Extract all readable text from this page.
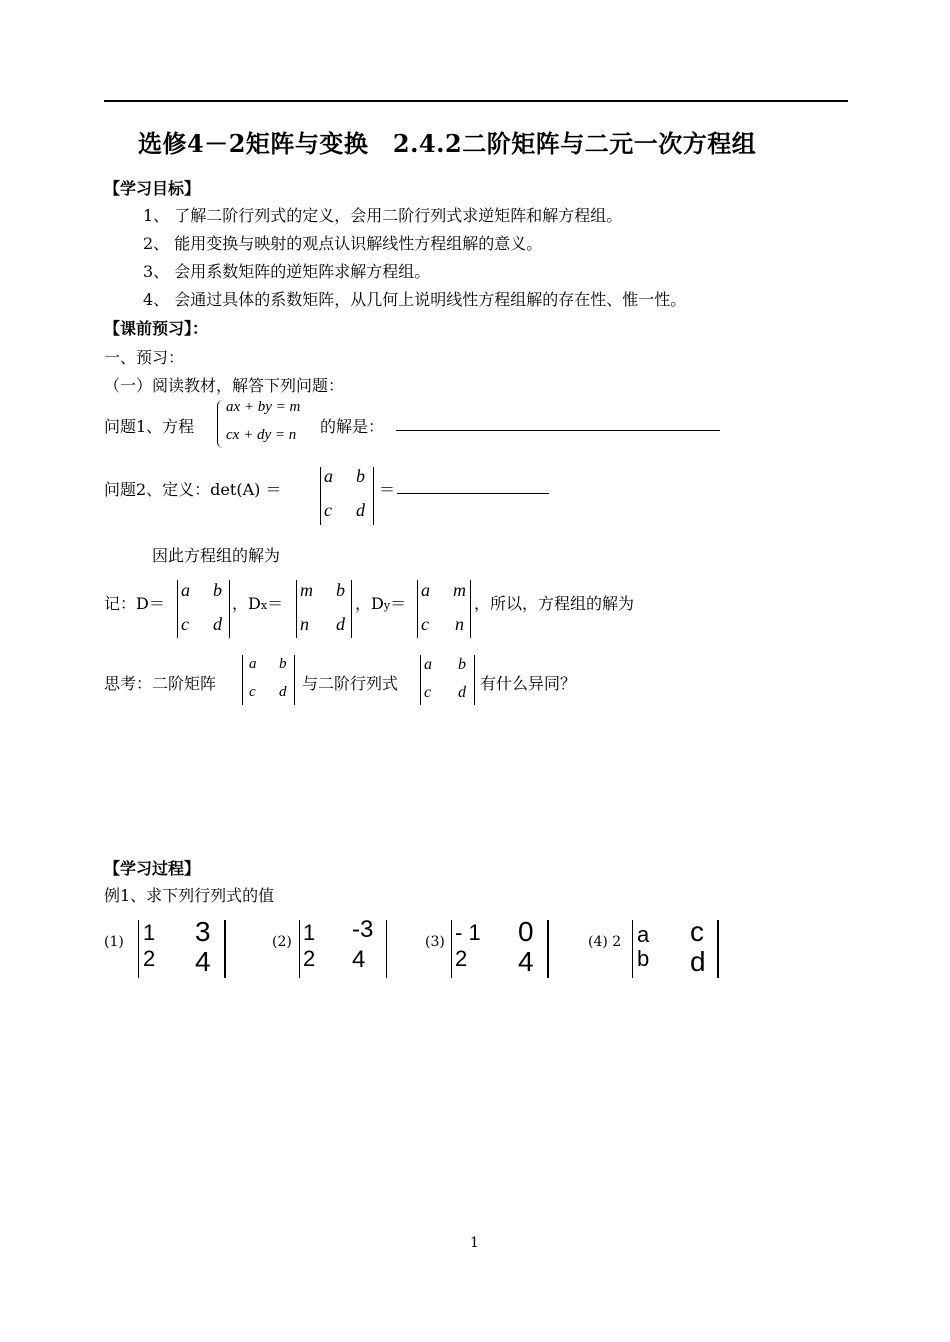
选修4－2矩阵与变换　2.4.2二阶矩阵与二元一次方程组
【学习目标】
1、 了解二阶行列式的定义，会用二阶行列式求逆矩阵和解方程组。
2、 能用变换与映射的观点认识解线性方程组解的意义。
3、 会用系数矩阵的逆矩阵求解方程组。
4、 会通过具体的系数矩阵，从几何上说明线性方程组解的存在性、惟一性。
【课前预习】：
一、预习：
（一）阅读教材，解答下列问题：
问题1、方程
ax + by = m
cx + dy = n 的解是：
问题2、定义：det(A) ＝
a b
c d
＝
因此方程组的解为
记：D＝
a b
c d
，Dx＝
m b
n d
，Dy＝
a m
c n
，所以，方程组的解为
思考：二阶矩阵
a b
c d 与二阶行列式
a b
c d 有什么异同？
【学习过程】
例1、求下列行列式的值
(1) 1 3
2 4
(2) 1 -3
2 4
(3) - 1 0
2 4
(4) 2 a c
b d
1
